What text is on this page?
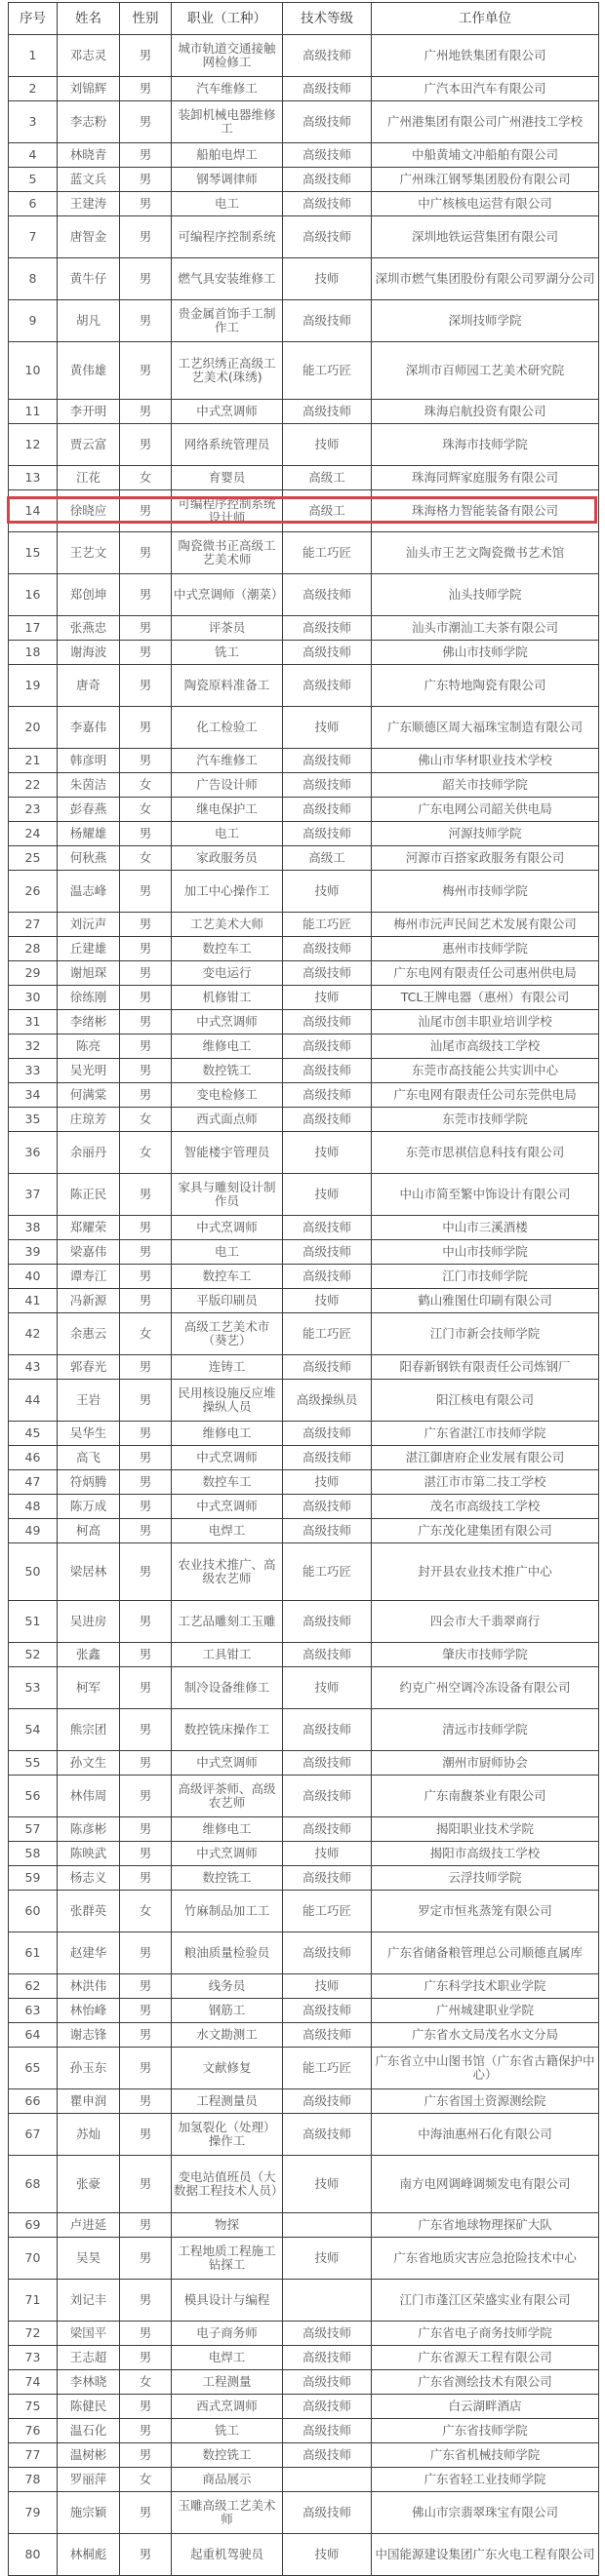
序号	姓名	性别	职业（工种）	技术等级	工作单位
1	邓志灵	男	城市轨道交通接触网检修工	高级技师	广州地铁集团有限公司
2	刘锦辉	男	汽车维修工	高级技师	广汽本田汽车有限公司
3	李志粉	男	装卸机械电器维修工	高级技师	广州港集团有限公司广州港技工学校
4	林晓青	男	船舶电焊工	高级技师	中船黄埔文冲船舶有限公司
5	蓝文兵	男	钢琴调律师	高级技师	广州珠江钢琴集团股份有限公司
6	王建涛	男	电工	高级技师	中广核核电运营有限公司
7	唐智金	男	可编程序控制系统	高级技师	深圳地铁运营集团有限公司
8	黄牛仔	男	燃气具安装维修工	技师	深圳市燃气集团股份有限公司罗湖分公司
9	胡凡	男	贵金属首饰手工制作工	高级技师	深圳技师学院
10	黄伟雄	男	工艺织绣正高级工艺美术(珠绣)	能工巧匠	深圳市百师园工艺美术研究院
11	李开明	男	中式烹调师	高级技师	珠海启航投资有限公司
12	贾云富	男	网络系统管理员	技师	珠海市技师学院
13	江花	女	育婴员	高级工	珠海同辉家庭服务有限公司
14	徐晓应	男	可编程序控制系统设计师	高级工	珠海格力智能装备有限公司
15	王艺文	男	陶瓷微书正高级工艺美术师	能工巧匠	汕头市王艺文陶瓷微书艺术馆
16	郑创坤	男	中式烹调师（潮菜）	高级技师	汕头技师学院
17	张燕忠	男	评茶员	高级技师	汕头市潮汕工夫茶有限公司
18	谢海波	男	铣工	高级技师	佛山市技师学院
19	唐奇	男	陶瓷原料准备工	高级技师	广东特地陶瓷有限公司
20	李嘉伟	男	化工检验工	技师	广东顺德区周大福珠宝制造有限公司
21	韩彦明	男	汽车维修工	高级技师	佛山市华材职业技术学校
22	朱茵洁	女	广告设计师	高级技师	韶关市技师学院
23	彭春燕	女	继电保护工	高级技师	广东电网公司韶关供电局
24	杨耀雄	男	电工	高级技师	河源技师学院
25	何秋燕	女	家政服务员	高级工	河源市百搭家政服务有限公司
26	温志峰	男	加工中心操作工	技师	梅州市技师学院
27	刘沅声	男	工艺美术大师	能工巧匠	梅州市沅声民间艺术发展有限公司
28	丘建雄	男	数控车工	高级技师	惠州市技师学院
29	谢旭琛	男	变电运行	高级技师	广东电网有限责任公司惠州供电局
30	徐练刚	男	机修钳工	技师	TCL王牌电器（惠州）有限公司
31	李绪彬	男	中式烹调师	高级技师	汕尾市创丰职业培训学校
32	陈亮	男	维修电工	高级技师	汕尾市高级技工学校
33	吴光明	男	数控铣工	高级技师	东莞市高技能公共实训中心
34	何满棠	男	变电检修工	高级技师	广东电网有限责任公司东莞供电局
35	庄琼芳	女	西式面点师	高级技师	东莞市技师学院
36	余丽丹	女	智能楼宇管理员	技师	东莞市思祺信息科技有限公司
37	陈正民	男	家具与雕刻设计制作员	技师	中山市简至繁中饰设计有限公司
38	郑耀荣	男	中式烹调师	高级技师	中山市三溪酒楼
39	梁嘉伟	男	电工	高级技师	中山市技师学院
40	谭寿江	男	数控车工	高级技师	江门市技师学院
41	冯新源	男	平版印刷员	技师	鹤山雅图仕印刷有限公司
42	余惠云	女	高级工艺美术市（葵艺）	能工巧匠	江门市新会技师学院
43	郭春光	男	连铸工	高级技师	阳春新钢铁有限责任公司炼钢厂
44	王岩	男	民用核设施反应堆操纵人员	高级操纵员	阳江核电有限公司
45	吴华生	男	维修电工	高级技师	广东省湛江市技师学院
46	高飞	男	中式烹调师	高级技师	湛江御唐府企业发展有限公司
47	符炳腾	男	数控车工	技师	湛江市市第二技工学校
48	陈万成	男	中式烹调师	高级技师	茂名市高级技工学校
49	柯高	男	电焊工	高级技师	广东茂化建集团有限公司
50	梁居林	男	农业技术推广、高级农艺师	能工巧匠	封开县农业技术推广中心
51	吴进房	男	工艺品雕刻工玉雕	高级技师	四会市大千翡翠商行
52	张鑫	男	工具钳工	高级技师	肇庆市技师学院
53	柯军	男	制冷设备维修工	技师	约克广州空调冷冻设备有限公司
54	熊宗团	男	数控铣床操作工	高级技师	清远市技师学院
55	孙文生	男	中式烹调师	高级技师	潮州市厨师协会
56	林伟周	男	高级评茶师、高级农艺师	高级技师	广东南馥茶业有限公司
57	陈彦彬	男	维修电工	高级技师	揭阳职业技术学院
58	陈映武	男	中式烹调师	技师	揭阳市高级技工学校
59	杨志义	男	数控铣工	高级技师	云浮技师学院
60	张群英	女	竹麻制品加工工	能工巧匠	罗定市恒兆蒸笼有限公司
61	赵建华	男	粮油质量检验员	高级技师	广东省储备粮管理总公司顺德直属库
62	林洪伟	男	线务员	技师	广东科学技术职业学院
63	林怡峰	男	钢筋工	高级技师	广州城建职业学院
64	谢志锋	男	水文勘测工	高级技师	广东省水文局茂名水文分局
65	孙玉东	男	文献修复	能工巧匠	广东省立中山图书馆（广东省古籍保护中心）
66	瞿申润	男	工程测量员	高级技师	广东省国土资源测绘院
67	苏灿	男	加氢裂化（处理）操作工	高级技师	中海油惠州石化有限公司
68	张豪	男	变电站值班员（大数据工程技术人员）	技师	南方电网调峰调频发电有限公司
69	卢进延	男	物探		广东省地球物理探矿大队
70	吴昊	男	工程地质工程施工钻探工	技师	广东省地质灾害应急抢险技术中心
71	刘记丰	男	模具设计与编程		江门市蓬江区荣盛实业有限公司
72	梁国平	男	电子商务师	高级技师	广东省电子商务技师学院
73	王志超	男	电焊工	高级技师	广东省源天工程有限公司
74	李林晓	女	工程测量	高级技师	广东省测绘技术有限公司
75	陈健民	男	西式烹调师	高级技师	白云湖畔酒店
76	温石化	男	铣工	高级技师	广东省技师学院
77	温树彬	男	数控铣工	高级技师	广东省机械技师学院
78	罗丽萍	女	商品展示		广东省轻工业技师学院
79	施宗颖	男	玉雕高级工艺美术师	高级技师	佛山市宗翡翠珠宝有限公司
80	林桐彪	男	起重机驾驶员	技师	中国能源建设集团广东火电工程有限公司
